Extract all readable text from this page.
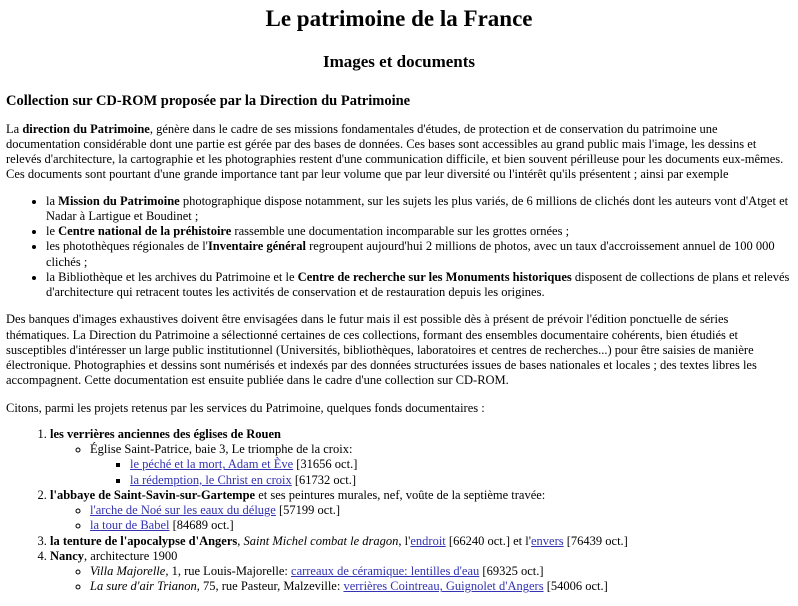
Le patrimoine de la France
Images et documents
Collection sur CD-ROM proposée par la Direction du Patrimoine

La direction du Patrimoine, génère dans le cadre de ses missions fondamentales d'études, de protection et de conservation du patrimoine une documentation considérable dont une partie est gérée par des bases de données. Ces bases sont accessibles au grand public mais l'image, les dessins et relevés d'architecture, la cartographie et les photographies restent d'une communication difficile, et bien souvent périlleuse pour les documents eux-mêmes. Ces documents sont pourtant d'une grande importance tant par leur volume que par leur diversité ou l'intérêt qu'ils présentent ; ainsi par exemple

• la Mission du Patrimoine photographique dispose notamment, sur les sujets les plus variés, de 6 millions de clichés dont les auteurs vont d'Atget et Nadar à Lartigue et Boudinet ;
• le Centre national de la préhistoire rassemble une documentation incomparable sur les grottes ornées ;
• les photothèques régionales de l'Inventaire général regroupent aujourd'hui 2 millions de photos, avec un taux d'accroissement annuel de 100 000 clichés ;
• la Bibliothèque et les archives du Patrimoine et le Centre de recherche sur les Monuments historiques disposent de collections de plans et relevés d'architecture qui retracent toutes les activités de conservation et de restauration depuis les origines.

Des banques d'images exhaustives doivent être envisagées dans le futur mais il est possible dès à présent de prévoir l'édition ponctuelle de séries thématiques. La Direction du Patrimoine a sélectionné certaines de ces collections, formant des ensembles documentaire cohérents, bien étudiés et susceptibles d'intéresser un large public institutionnel (Universités, bibliothèques, laboratoires et centres de recherches...) pour être saisies de manière électronique. Photographies et dessins sont numérisés et indexés par des données structurées issues de bases nationales et locales ; des textes libres les accompagnent. Cette documentation est ensuite publiée dans le cadre d'une collection sur CD-ROM.

Citons, parmi les projets retenus par les services du Patrimoine, quelques fonds documentaires :

1. les verrières anciennes des églises de Rouen
◦ Église Saint-Patrice, baie 3, Le triomphe de la croix:
▪ le péché et la mort, Adam et Ève [31656 oct.]
▪ la rédemption, le Christ en croix [61732 oct.]
2. l'abbaye de Saint-Savin-sur-Gartempe et ses peintures murales, nef, voûte de la septième travée:
◦ l'arche de Noé sur les eaux du déluge [57199 oct.]
◦ la tour de Babel [84689 oct.]
3. la tenture de l'apocalypse d'Angers, Saint Michel combat le dragon, l'endroit [66240 oct.] et l'envers [76439 oct.]
4. Nancy, architecture 1900
◦ Villa Majorelle, 1, rue Louis-Majorelle: carreaux de céramique: lentilles d'eau [69325 oct.]
◦ La sure d'air Trianon, 75, rue Pasteur, Malzeville: verrières Cointreau, Guignolet d'Angers [54006 oct.]
